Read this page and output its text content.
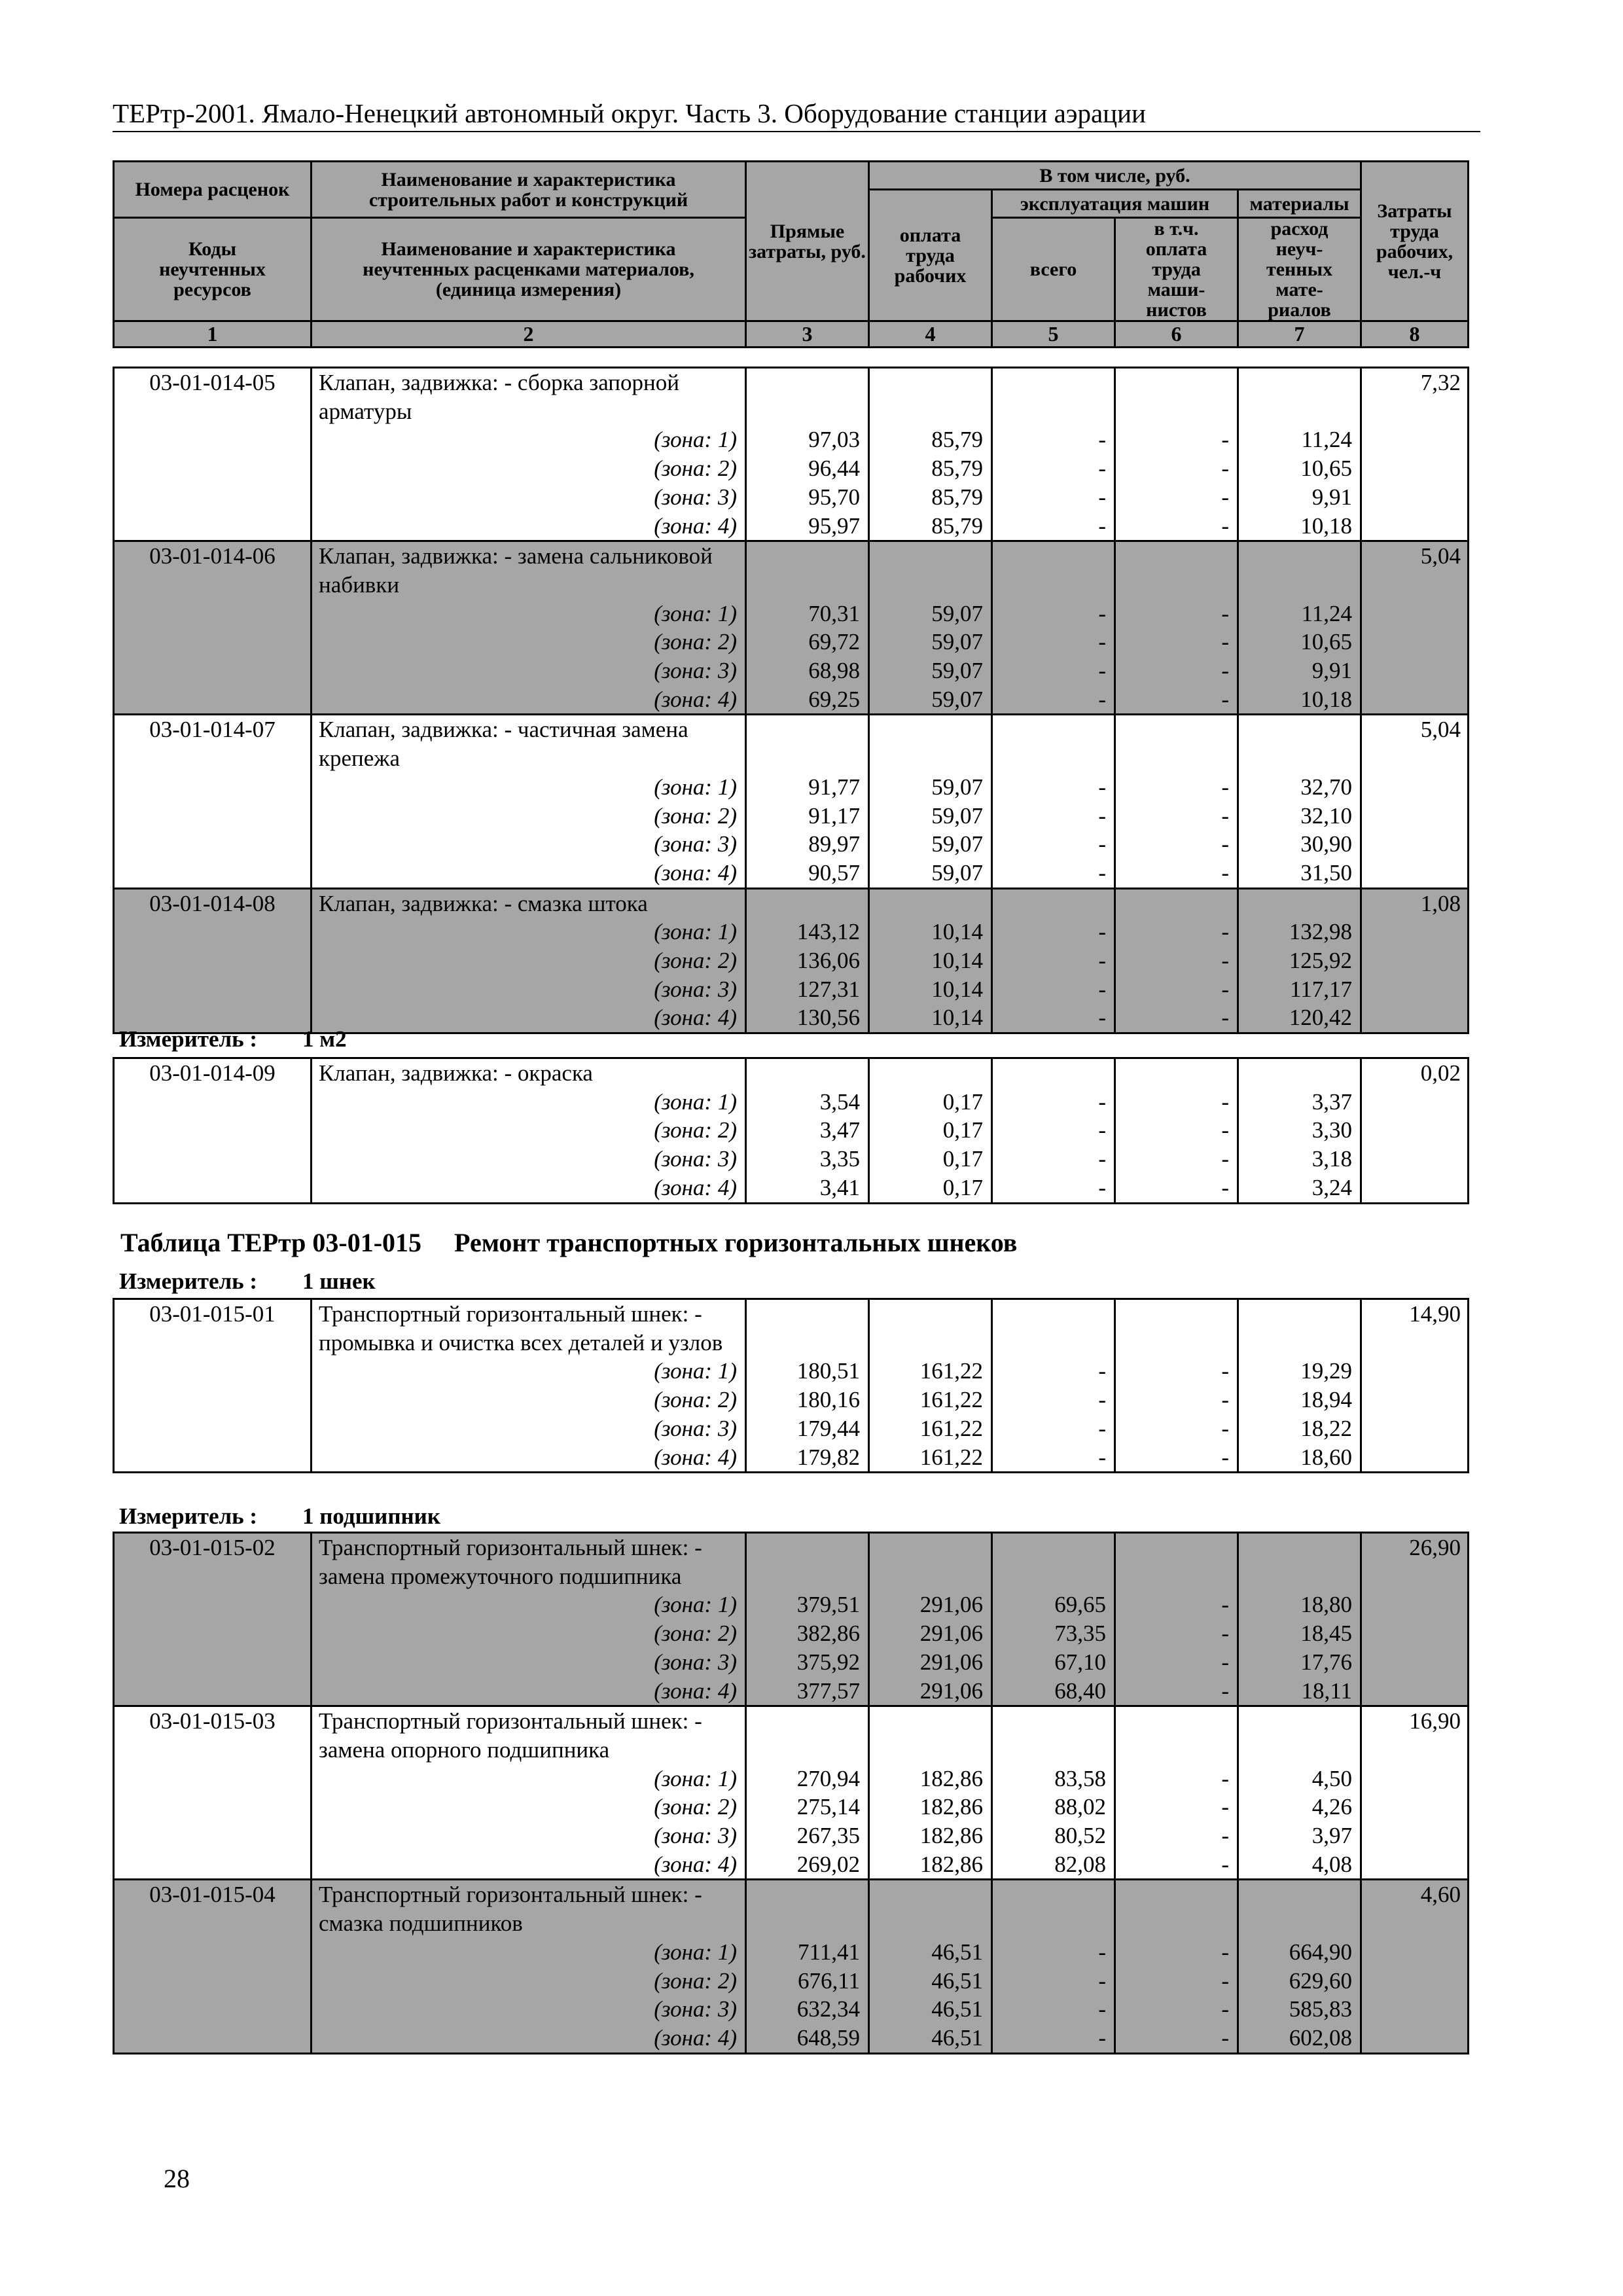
ТЕРтр-2001. Ямало-Ненецкий автономный округ. Часть 3. Оборудование станции аэрации
Номера расценок	Наименование и характеристика строительных работ и конструкций	Прямые затраты, руб.	В том числе, руб.				Затраты труда рабочих, чел.-ч
			оплата труда рабочих	эксплуатация машин		материалы	
Коды неучтенных ресурсов	Наименование и характеристика неучтенных расценками материалов, (единица измерения)			всего	в т.ч. оплата труда маши-нистов	расход неуч-тенных мате-риалов	

1	2	3	4	5	6	7	8
03-01-014-05	Клапан, задвижка: - сборка запорной арматуры						7,32
	(зона: 1)	97,03	85,79	-	-	11,24	
	(зона: 2)	96,44	85,79	-	-	10,65	
	(зона: 3)	95,70	85,79	-	-	9,91	
	(зона: 4)	95,97	85,79	-	-	10,18	
03-01-014-06	Клапан, задвижка: - замена сальниковой набивки						5,04
	(зона: 1)	70,31	59,07	-	-	11,24	
	(зона: 2)	69,72	59,07	-	-	10,65	
	(зона: 3)	68,98	59,07	-	-	9,91	
	(зона: 4)	69,25	59,07	-	-	10,18	
03-01-014-07	Клапан, задвижка: - частичная замена крепежа						5,04
	(зона: 1)	91,77	59,07	-	-	32,70	
	(зона: 2)	91,17	59,07	-	-	32,10	
	(зона: 3)	89,97	59,07	-	-	30,90	
	(зона: 4)	90,57	59,07	-	-	31,50	
03-01-014-08	Клапан, задвижка: - смазка штока						1,08
	(зона: 1)	143,12	10,14	-	-	132,98	
	(зона: 2)	136,06	10,14	-	-	125,92	
	(зона: 3)	127,31	10,14	-	-	117,17	
	(зона: 4)	130,56	10,14	-	-	120,42	
Измеритель : 1 м2
03-01-014-09	Клапан, задвижка: - окраска						0,02
	(зона: 1)	3,54	0,17	-	-	3,37	
	(зона: 2)	3,47	0,17	-	-	3,30	
	(зона: 3)	3,35	0,17	-	-	3,18	
	(зона: 4)	3,41	0,17	-	-	3,24	
Таблица ТЕРтр 03-01-015 Ремонт транспортных горизонтальных шнеков
Измеритель : 1 шнек
03-01-015-01	Транспортный горизонтальный шнек: - промывка и очистка всех деталей и узлов						14,90
	(зона: 1)	180,51	161,22	-	-	19,29	
	(зона: 2)	180,16	161,22	-	-	18,94	
	(зона: 3)	179,44	161,22	-	-	18,22	
	(зона: 4)	179,82	161,22	-	-	18,60	
Измеритель : 1 подшипник
03-01-015-02	Транспортный горизонтальный шнек: - замена промежуточного подшипника						26,90
	(зона: 1)	379,51	291,06	69,65	-	18,80	
	(зона: 2)	382,86	291,06	73,35	-	18,45	
	(зона: 3)	375,92	291,06	67,10	-	17,76	
	(зона: 4)	377,57	291,06	68,40	-	18,11	
03-01-015-03	Транспортный горизонтальный шнек: - замена опорного подшипника						16,90
	(зона: 1)	270,94	182,86	83,58	-	4,50	
	(зона: 2)	275,14	182,86	88,02	-	4,26	
	(зона: 3)	267,35	182,86	80,52	-	3,97	
	(зона: 4)	269,02	182,86	82,08	-	4,08	
03-01-015-04	Транспортный горизонтальный шнек: - смазка подшипников						4,60
	(зона: 1)	711,41	46,51	-	-	664,90	
	(зона: 2)	676,11	46,51	-	-	629,60	
	(зона: 3)	632,34	46,51	-	-	585,83	
	(зона: 4)	648,59	46,51	-	-	602,08	
28
